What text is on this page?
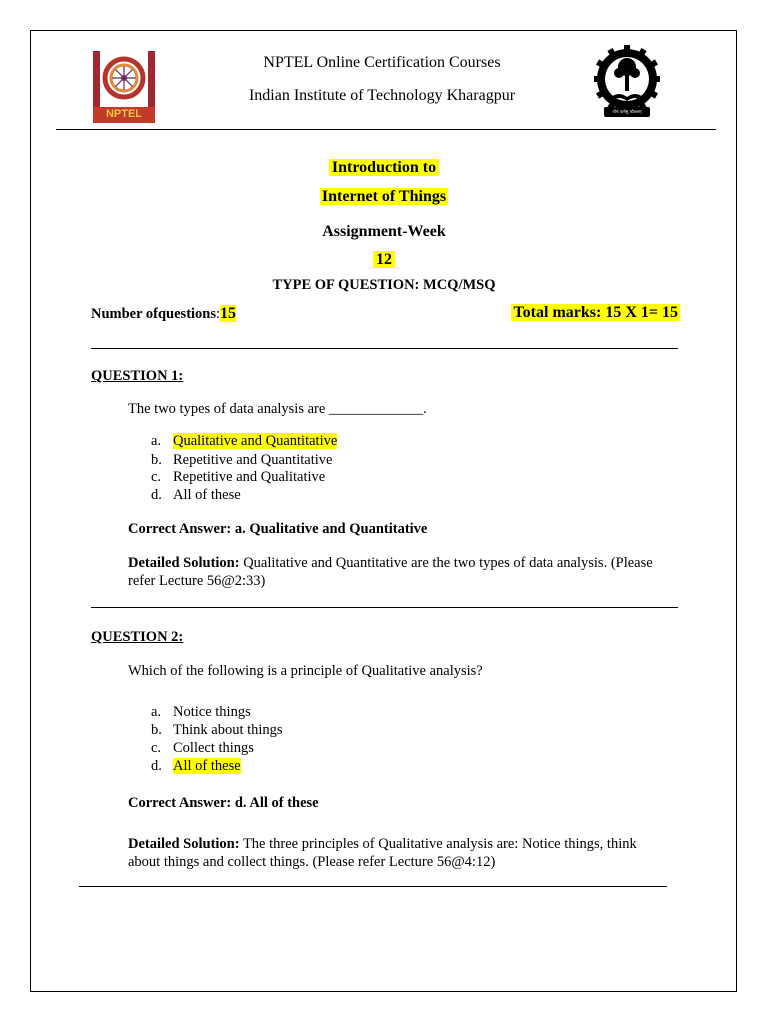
NPTEL	योगः कर्मसु कौशलम्
NPTEL Online Certification Courses
Indian Institute of Technology Kharagpur
Introduction to
Internet of Things
Assignment-Week
12
TYPE OF QUESTION: MCQ/MSQ
Number ofquestions:15	Total marks: 15 X 1= 15
QUESTION 1:
The two types of data analysis are _____________.
a. Qualitative and Quantitative
b. Repetitive and Quantitative
c. Repetitive and Qualitative
d. All of these
Correct Answer: a. Qualitative and Quantitative
Detailed Solution: Qualitative and Quantitative are the two types of data analysis. (Please
refer Lecture 56@2:33)
QUESTION 2:
Which of the following is a principle of Qualitative analysis?
a. Notice things
b. Think about things
c. Collect things
d. All of these
Correct Answer: d. All of these
Detailed Solution: The three principles of Qualitative analysis are: Notice things, think
about things and collect things. (Please refer Lecture 56@4:12)
